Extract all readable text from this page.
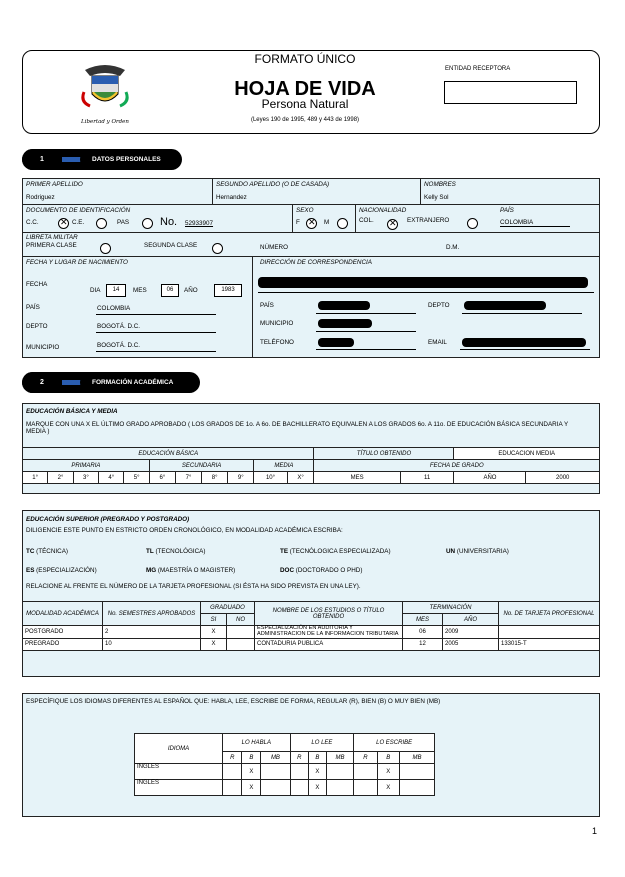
Libertad y Orden
FORMATO ÚNICO
HOJA DE VIDA
Persona Natural
(Leyes 190 de 1995, 489 y 443 de 1998)
ENTIDAD RECEPTORA
1	DATOS PERSONALES
PRIMER APELLIDO
Rodriguez
SEGUNDO APELLIDO (O DE CASADA)
Hernandez
NOMBRES
Kelly Sol
DOCUMENTO DE IDENTIFICACIÓN
C.C. ✕	C.E.	PAS	No. 52933907
SEXO
F ✕	M
NACIONALIDAD
COL. ✕	EXTRANJERO
PAÍS
COLOMBIA
LIBRETA MILITAR
PRIMERA CLASE	SEGUNDA CLASE	NÚMERO	D.M.
FECHA Y LUGAR DE NACIMIENTO
FECHA
DIA	14	MES	06	AÑO	1983
PAÍS	COLOMBIA
DEPTO	BOGOTÁ. D.C.
MUNICIPIO	BOGOTÁ. D.C.
DIRECCIÓN DE CORRESPONDENCIA
PAÍS	DEPTO
MUNICIPIO
TELÉFONO	EMAIL
2	FORMACIÓN ACADÉMICA
EDUCACIÓN BÁSICA Y MEDIA
MARQUE CON UNA X EL ÚLTIMO GRADO APROBADO ( LOS GRADOS DE 1o. A 6o. DE BACHILLERATO EQUIVALEN A LOS GRADOS 6o. A 11o. DE EDUCACIÓN BÁSICA SECUNDARIA Y MEDIA )
EDUCACIÓN BÁSICA											TÍTULO OBTENIDO		EDUCACION MEDIA	
PRIMARIA					SECUNDARIA				MEDIA		FECHA DE GRADO			
1°	2°	3°	4°	5°	6°	7°	8°	9°	10°	X°	MES	11	AÑO	2000
EDUCACIÓN SUPERIOR (PREGRADO Y POSTGRADO)
DILIGENCIE ESTE PUNTO EN ESTRICTO ORDEN CRONOLÓGICO, EN MODALIDAD ACADÉMICA ESCRIBA:
TC (TÉCNICA)	TL (TECNOLÓGICA)	TE (TECNÓLOGICA ESPECIALIZADA)	UN (UNIVERSITARIA)
ES (ESPECIALIZACIÓN)	MG (MAESTRÍA O MAGISTER)	DOC (DOCTORADO O PHD)
RELACIONE AL FRENTE EL NÚMERO DE LA TARJETA PROFESIONAL (SI ÉSTA HA SIDO PREVISTA EN UNA LEY).
MODALIDAD ACADÉMICA	No. SEMESTRES APROBADOS	GRADUADO		NOMBRE DE LOS ESTUDIOS O TÍTULO OBTENIDO	TERMINACIÓN		No. DE TARJETA PROFESIONAL
		SI	NO		MES	AÑO	
POSTGRADO	2	X		ESPECIALIZACIÓN EN AUDITORIA Y ADMINISTRACION DE LA INFORMACION TRIBUTARIA	06	2009	
PREGRADO	10	X		CONTADURIA PUBLICA	12	2005	133015-T
ESPECÍFIQUE LOS IDIOMAS DIFERENTES AL ESPAÑOL QUE: HABLA, LEE, ESCRIBE DE FORMA, REGULAR (R), BIEN (B) O MUY BIEN (MB)
IDIOMA	LO HABLA			LO LEE			LO ESCRIBE		
	R	B	MB	R	B	MB	R	B	MB
INGLES		X			X			X	
INGLES		X			X			X	
1
